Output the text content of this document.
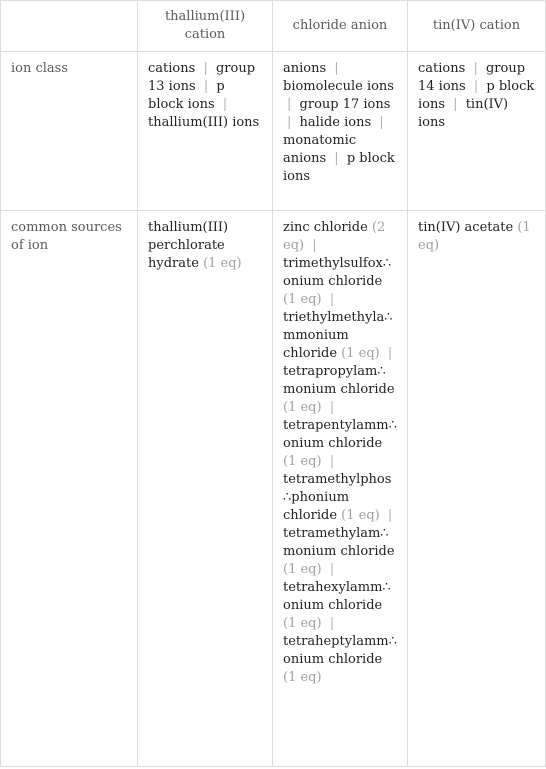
	thallium(III) cation	chloride anion	tin(IV) cation

ion class	cations | group 13 ions | p block ions | thallium(III) ions	anions | biomolecule ions | group 17 ions | halide ions | monatomic anions | p block ions	cations | group 14 ions | p block ions | tin(IV) ions

common sources of ion	thallium(III) perchlorate hydrate (1 eq)	zinc chloride (2 eq) | trimethylsulfox∴onium chloride (1 eq) | triethylmethyla∴mmonium chloride (1 eq) | tetrapropylam∴monium chloride (1 eq) | tetrapentylamm∴onium chloride (1 eq) | tetramethylphos∴phonium chloride (1 eq) | tetramethylam∴monium chloride (1 eq) | tetrahexylamm∴onium chloride (1 eq) | tetraheptylamm∴onium chloride (1 eq)	tin(IV) acetate (1 eq)
